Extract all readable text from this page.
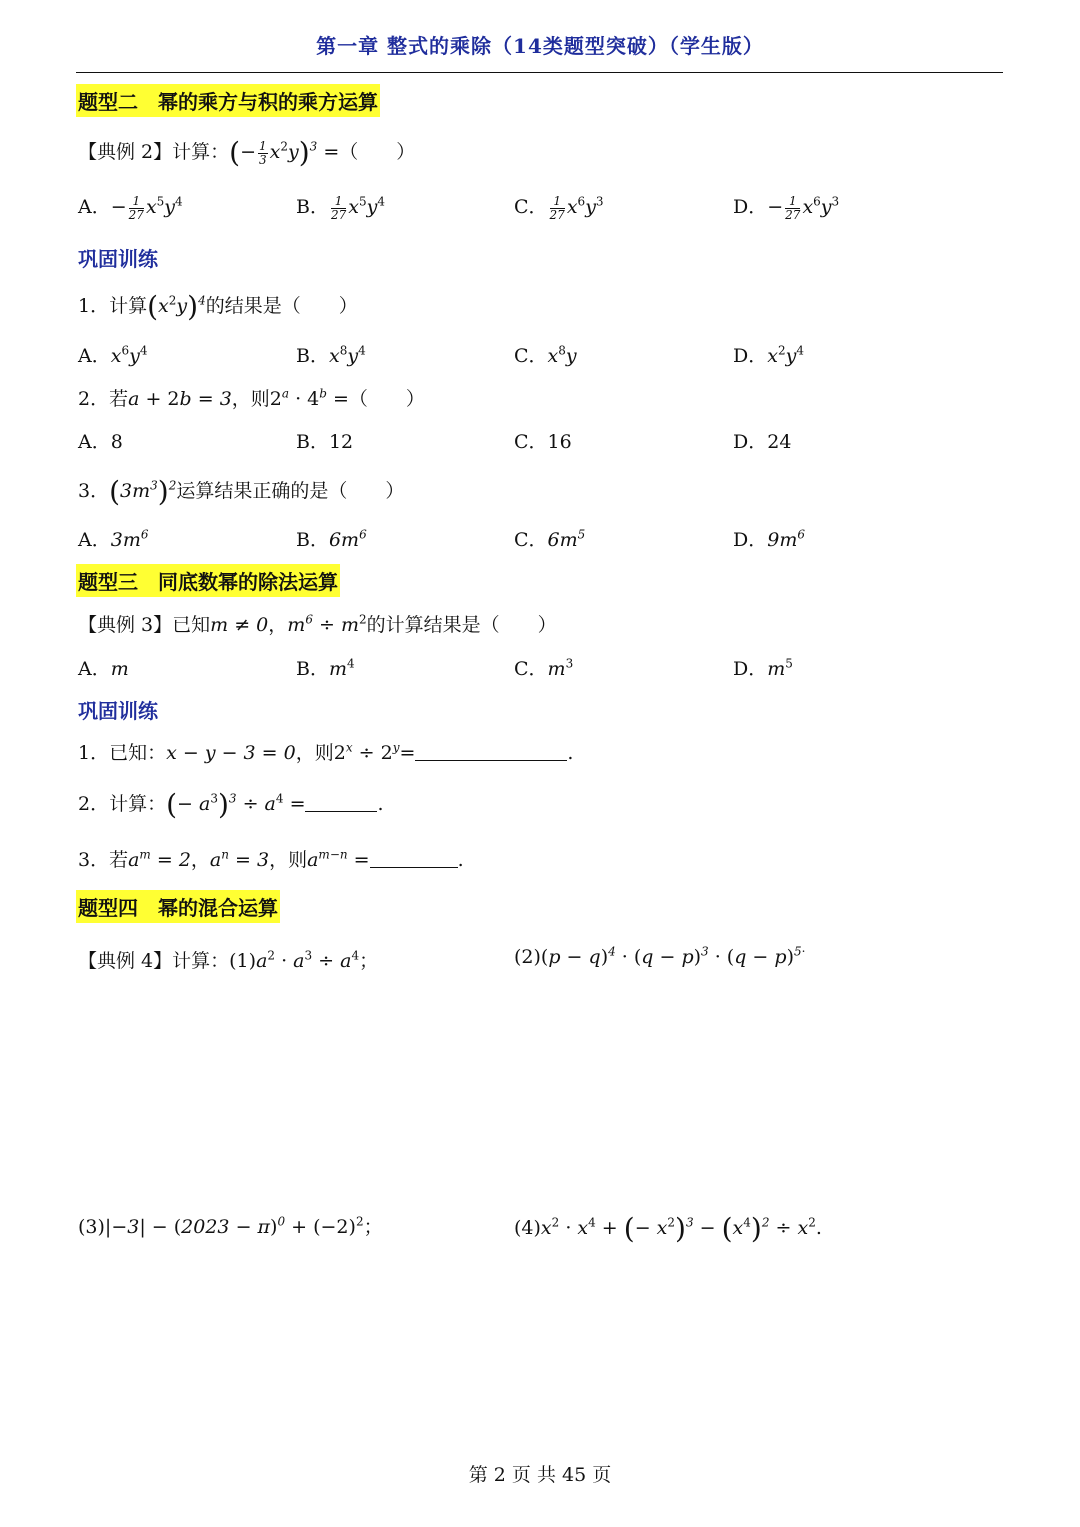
第一章 整式的乘除（14类题型突破）（学生版）
题型二　幂的乘方与积的乘方运算
【典例 2】计算：(− $\frac{1}{3} x^2y)^3$ =（　　）
A．− $\frac{1}{27} x^5y^4$	B． $\frac{1}{27} x^5y^4$	C． $\frac{1}{27} x^6y^3$	D．− $\frac{1}{27} x^6y^3$
巩固训练
1．计算$(x^2y)^4$的结果是（　　）
A．$x^6y^4$	B．$x^8y^4$	C．$x^8y$	D．$x^2y^4$
2．若a + 2b = 3，则$2^a \cdot 4^b$ =（　　）
A．8	B．12	C．16	D．24
3．$(3m^3)^2$运算结果正确的是（　　）
A．$3m^6$	B．$6m^6$	C．$6m^5$	D．$9m^6$
题型三　同底数幂的除法运算
【典例 3】已知m ≠ 0，$m^6 \div m^2$的计算结果是（　　）
A．m	B．$m^4$	C．$m^3$	D．$m^5$
巩固训练
1．已知：x − y − 3 = 0，则$2^x \div 2^y=$	.
2．计算：(− $a^3)^3 \div a^4$ =	.
3．若$a^m = 2$，$a^n = 3$，则$a^{m-n}$ =	.
题型四　幂的混合运算
【典例 4】计算：$(1)a^2 \cdot a^3 \div a^4$；	$(2)(p - q)^4 \cdot (q - p)^3 \cdot (q - p)^{5\cdot}$
$(3)|-3| - (2023 - \pi)^0 + (-2)^2$；	$(4)x^2 \cdot x^4$ + (− $x^2)^3 - (x^4)^2 \div x^2$.
第 2 页 共 45 页
